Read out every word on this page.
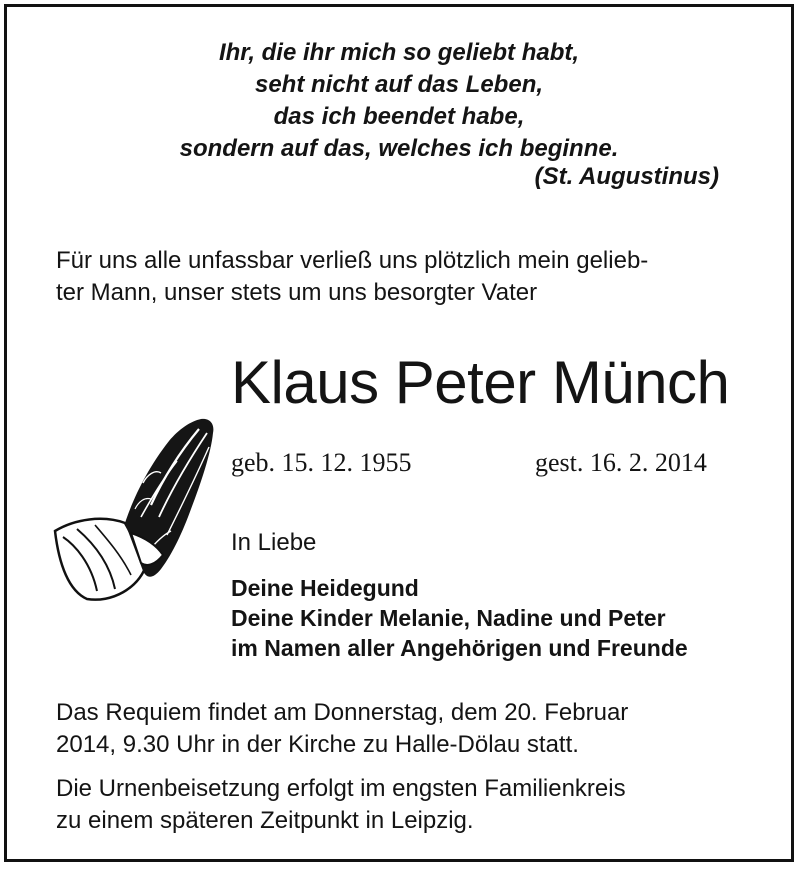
Ihr, die ihr mich so geliebt habt,
seht nicht auf das Leben,
das ich beendet habe,
sondern auf das, welches ich beginne.
(St. Augustinus)
Für uns alle unfassbar verließ uns plötzlich mein gelieb-
ter Mann, unser stets um uns besorgter Vater
Klaus Peter Münch
geb. 15. 12. 1955	gest. 16. 2. 2014
In Liebe
Deine Heidegund
Deine Kinder Melanie, Nadine und Peter
im Namen aller Angehörigen und Freunde
Das Requiem findet am Donnerstag, dem 20. Februar
2014, 9.30 Uhr in der Kirche zu Halle-Dölau statt.
Die Urnenbeisetzung erfolgt im engsten Familienkreis
zu einem späteren Zeitpunkt in Leipzig.
